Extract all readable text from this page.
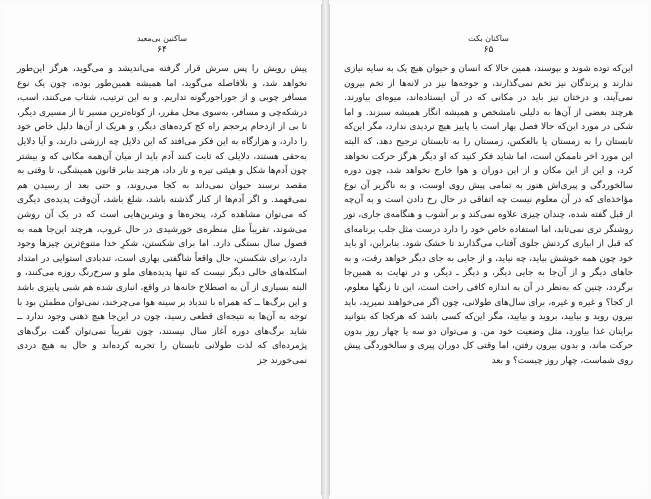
ساکنین بی‌معبد
۶۴

پیش رویش را پس سرش قرار گرفته می‌اندیشد و می‌گوید، هرگز این‌طور نخواهد شد، و بلافاصله می‌گوید، اما همیشه همین‌طور بوده، چون یک نوع مسافر چوبی و از جوراجورگونه تداریم. و به این ترتیب، شتاب می‌کنند، اسب، درشکه‌چی و مسافر، به‌سوی محل مقرر، از کوتاه‌ترین مسیر تا از مسیری دیگر، تا بی از ازدحام پرحجم راه کج کرده‌های دیگر، و هریک از آن‌ها دلیل خاص خود را دارد، و هزارگاه به این فکر می‌افتد که این دلایل چه ارزشی دارند، و آیا دلایل به‌حقی هستند، دلایلی که ثابت کنند آدم باید از میان آن‌همه مکانی که و بیشتر چون آدم‌ها شکل و هیئتی تیره و تار داد، هرچند بنابر قانون همیشگی، تا وقتی به مقصد نرسند حیوان نمی‌داند به کجا می‌روند، و حتی بعد از رسیدن هم نمی‌فهمد. و اگر آدم‌ها از کنار گذشته باشد، شلغ باشد، آن‌وقت پدیده‌ی دیگری که می‌توان مشاهده کرد، پنجره‌ها و ویترین‌هایی است که در یک آن روشن می‌شوند، تقریباً مثل منظره‌ی خورشیدی در حال غروب، هرچند این‌جا همه به فصول سال بستگی دارد. اما برای شکستن، شکرِ خدا متنوع‌ترین چیزها وجود دارد، برای شکستن، حال واقعاً شاگفتی بهاری است، تندبادی استوایی در امتداد اسکله‌های خالی دیگر نیست که تنها پدیده‌های ملو و سرخ‌رنگ روزه می‌کنند، و البته بسیاری از آن به اصطلاح خانه‌ها در واقع، انباری شده هم شبی پاییزی باشد و این برگ‌ها ــ که همراه با تندباد بر سینه هوا می‌چرخند، نمی‌توان مطمئن بود با توجه به آن‌ها به نتیجه‌ای قطعی رسید، چون در این‌جا هیچ ذهنی وجود ندارد ــ شاید برگ‌های دوره آغاز سال نیستند، چون تقریباً نمی‌توان گفت برگ‌های پژمرده‌ای که لذت طولانی تابستان را تجربه کرده‌اند و حال به هیچ دردی نمی‌خورند جز

ساکنان بکت
۶۵

این‌که توده شوند و بپوسند، همین حالا که انسان و حیوان هیچ یک به سایه نیازی ندارند و پرندگان نیز تخم نمی‌گذارند، و جوجه‌ها نیز در لانه‌ها از تخم بیرون نمی‌آیند، و درختان نیز باید در مکانی که در آن ایستاده‌اند، میوه‌ای بیاورند. هرچند بعضی از آن‌ها به دلیلی نامشخص و همیشه انگار همیشه سبزند. و اما شکی در مورد این‌که حالا فصل بهار است یا پاییز هیچ تردیدی ندارد، مگر این‌که تابستان را به زمستان یا بالعکس، زمستان را به تابستان ترجیح دهد، که البته این مورد اخر ناممکن است، اما شاید فکر کنید که او دیگر هرگز حرکت نخواهد کرد، و این از این مکان و از این دوران و هوا خارج نخواهد شد، چون دوره سالخوردگی و پیری‌اش هنوز به تمامی پیش روی اوست، و به ناگزیر آن نوع مؤاخذه‌ای که در آن معلوم نیست چه اتفاقی در حال رخ دادن است و به آن‌چه از قبل گفته شده، چندان چیزی علاوه نمی‌کند و بر آشوب و هنگامه‌ی جاری، تور روشنگر تری نمی‌تابد، اما استفاده خاص خود را دارد درست مثل جلب برنامه‌ای که قبل از ابیاری کردنش جلوی آفتاب می‌گذارند تا خشک شود. بنابراین، او باید خود چون همه خوشش بیاید، چه نیاید، و از جایی به جای دیگر خواهد رفت، و به جاهای دیگر و از آن‌جا به جایی دیگر، و دیگر ـ دیگر، و در نهایت به همین‌جا برگردد، چنین که به‌نظر در آن به اندازه کافی راحت است، این تا زنگها معلوم، از کجا؟ و غیره و غیره، برای سال‌های طولانی، چون اگر می‌خواهند نمیرید، باید بیرون روید و بیایید، بروید و بیایید، مگر این‌که کسی باشد که هرکجا که بتوانید برایتان غذا بیاورد، مثل وضعیت خود من. و می‌توان دو سه یا چهار روز بدون حرکت ماند، و بدون بیرون رفتن، اما وقتی کل دوران پیری و سالخوردگی پیش روی شماست، چهار روز چیست؟ و بعد
